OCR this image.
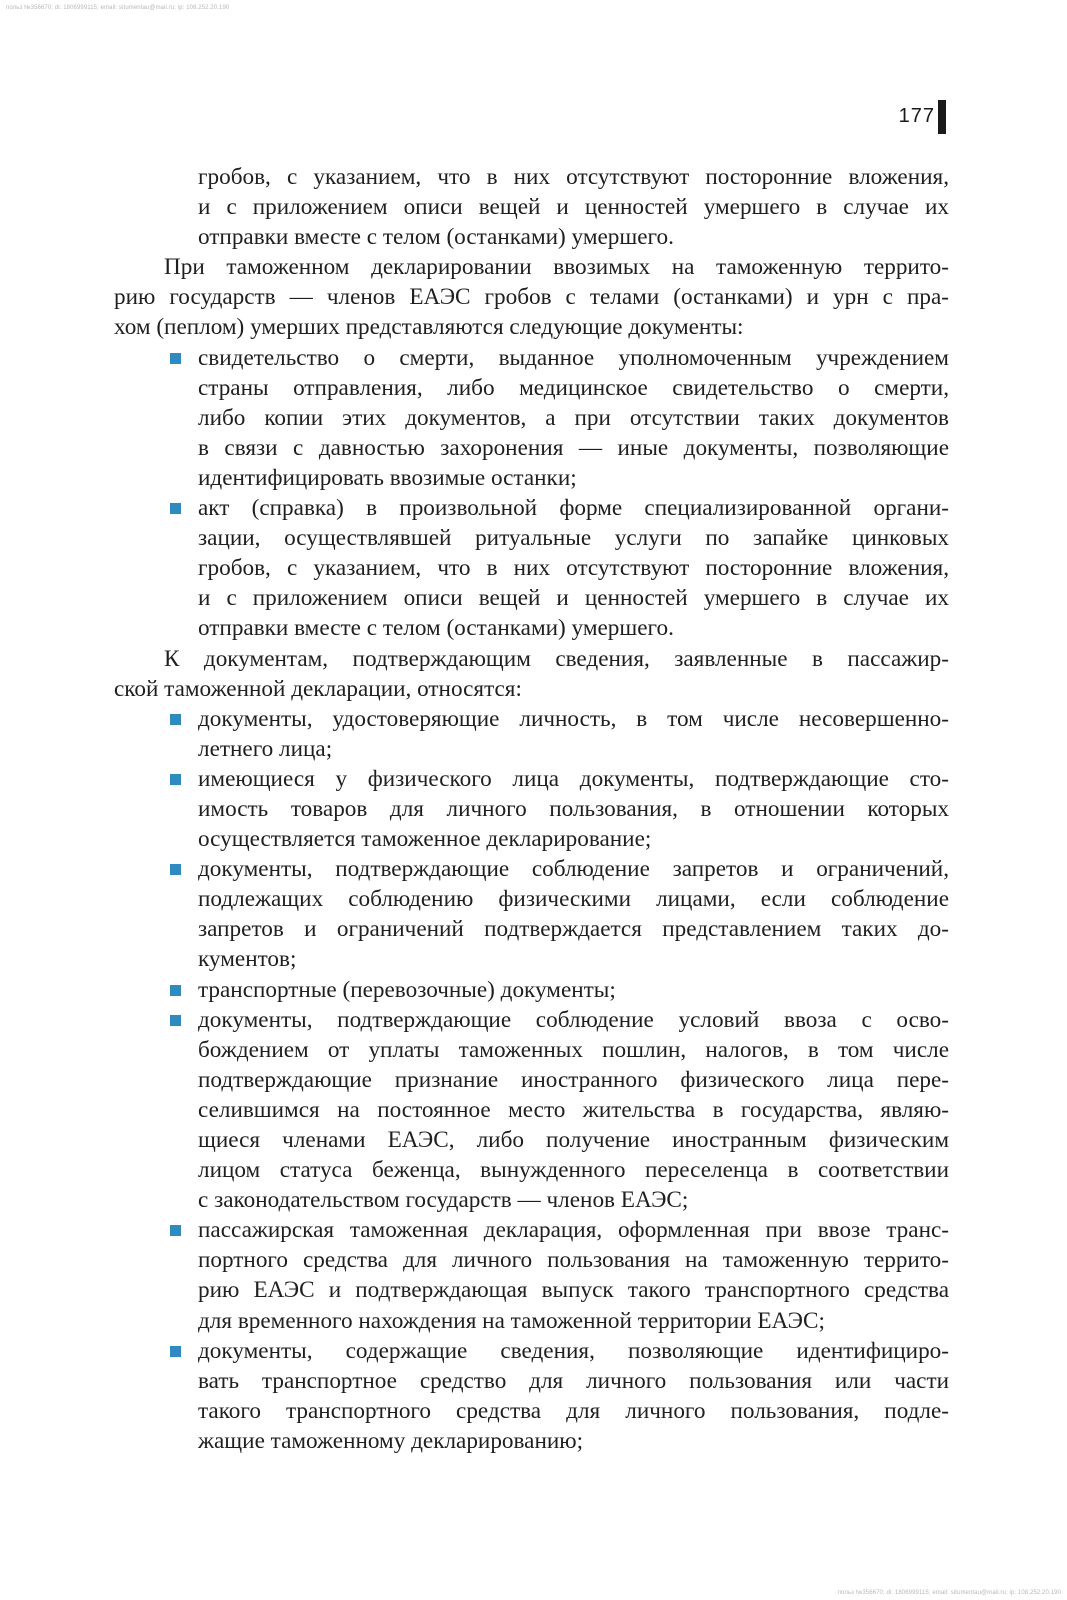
польз №356670; di: 1806999115; email: situmentau@mail.ru; ip: 108.252.20.190
польз №356670; di: 1806999115; email: situmentau@mail.ru; ip: 108.252.20.190
177
гробов, с указанием, что в них отсутствуют посторонние вложения,
и с приложением описи вещей и ценностей умершего в случае их
отправки вместе с телом (останками) умершего.
При таможенном декларировании ввозимых на таможенную террито-
рию государств — членов ЕАЭС гробов с телами (останками) и урн с пра-
хом (пеплом) умерших представляются следующие документы:
свидетельство о смерти, выданное уполномоченным учреждением
страны отправления, либо медицинское свидетельство о смерти,
либо копии этих документов, а при отсутствии таких документов
в связи с давностью захоронения — иные документы, позволяющие
идентифицировать ввозимые останки;
акт (справка) в произвольной форме специализированной органи-
зации, осуществлявшей ритуальные услуги по запайке цинковых
гробов, с указанием, что в них отсутствуют посторонние вложения,
и с приложением описи вещей и ценностей умершего в случае их
отправки вместе с телом (останками) умершего.
К документам, подтверждающим сведения, заявленные в пассажир-
ской таможенной декларации, относятся:
документы, удостоверяющие личность, в том числе несовершенно-
летнего лица;
имеющиеся у физического лица документы, подтверждающие сто-
имость товаров для личного пользования, в отношении которых
осуществляется таможенное декларирование;
документы, подтверждающие соблюдение запретов и ограничений,
подлежащих соблюдению физическими лицами, если соблюдение
запретов и ограничений подтверждается представлением таких до-
кументов;
транспортные (перевозочные) документы;
документы, подтверждающие соблюдение условий ввоза с осво-
бождением от уплаты таможенных пошлин, налогов, в том числе
подтверждающие признание иностранного физического лица пере-
селившимся на постоянное место жительства в государства, являю-
щиеся членами ЕАЭС, либо получение иностранным физическим
лицом статуса беженца, вынужденного переселенца в соответствии
с законодательством государств — членов ЕАЭС;
пассажирская таможенная декларация, оформленная при ввозе транс-
портного средства для личного пользования на таможенную террито-
рию ЕАЭС и подтверждающая выпуск такого транспортного средства
для временного нахождения на таможенной территории ЕАЭС;
документы, содержащие сведения, позволяющие идентифициро-
вать транспортное средство для личного пользования или части
такого транспортного средства для личного пользования, подле-
жащие таможенному декларированию;
